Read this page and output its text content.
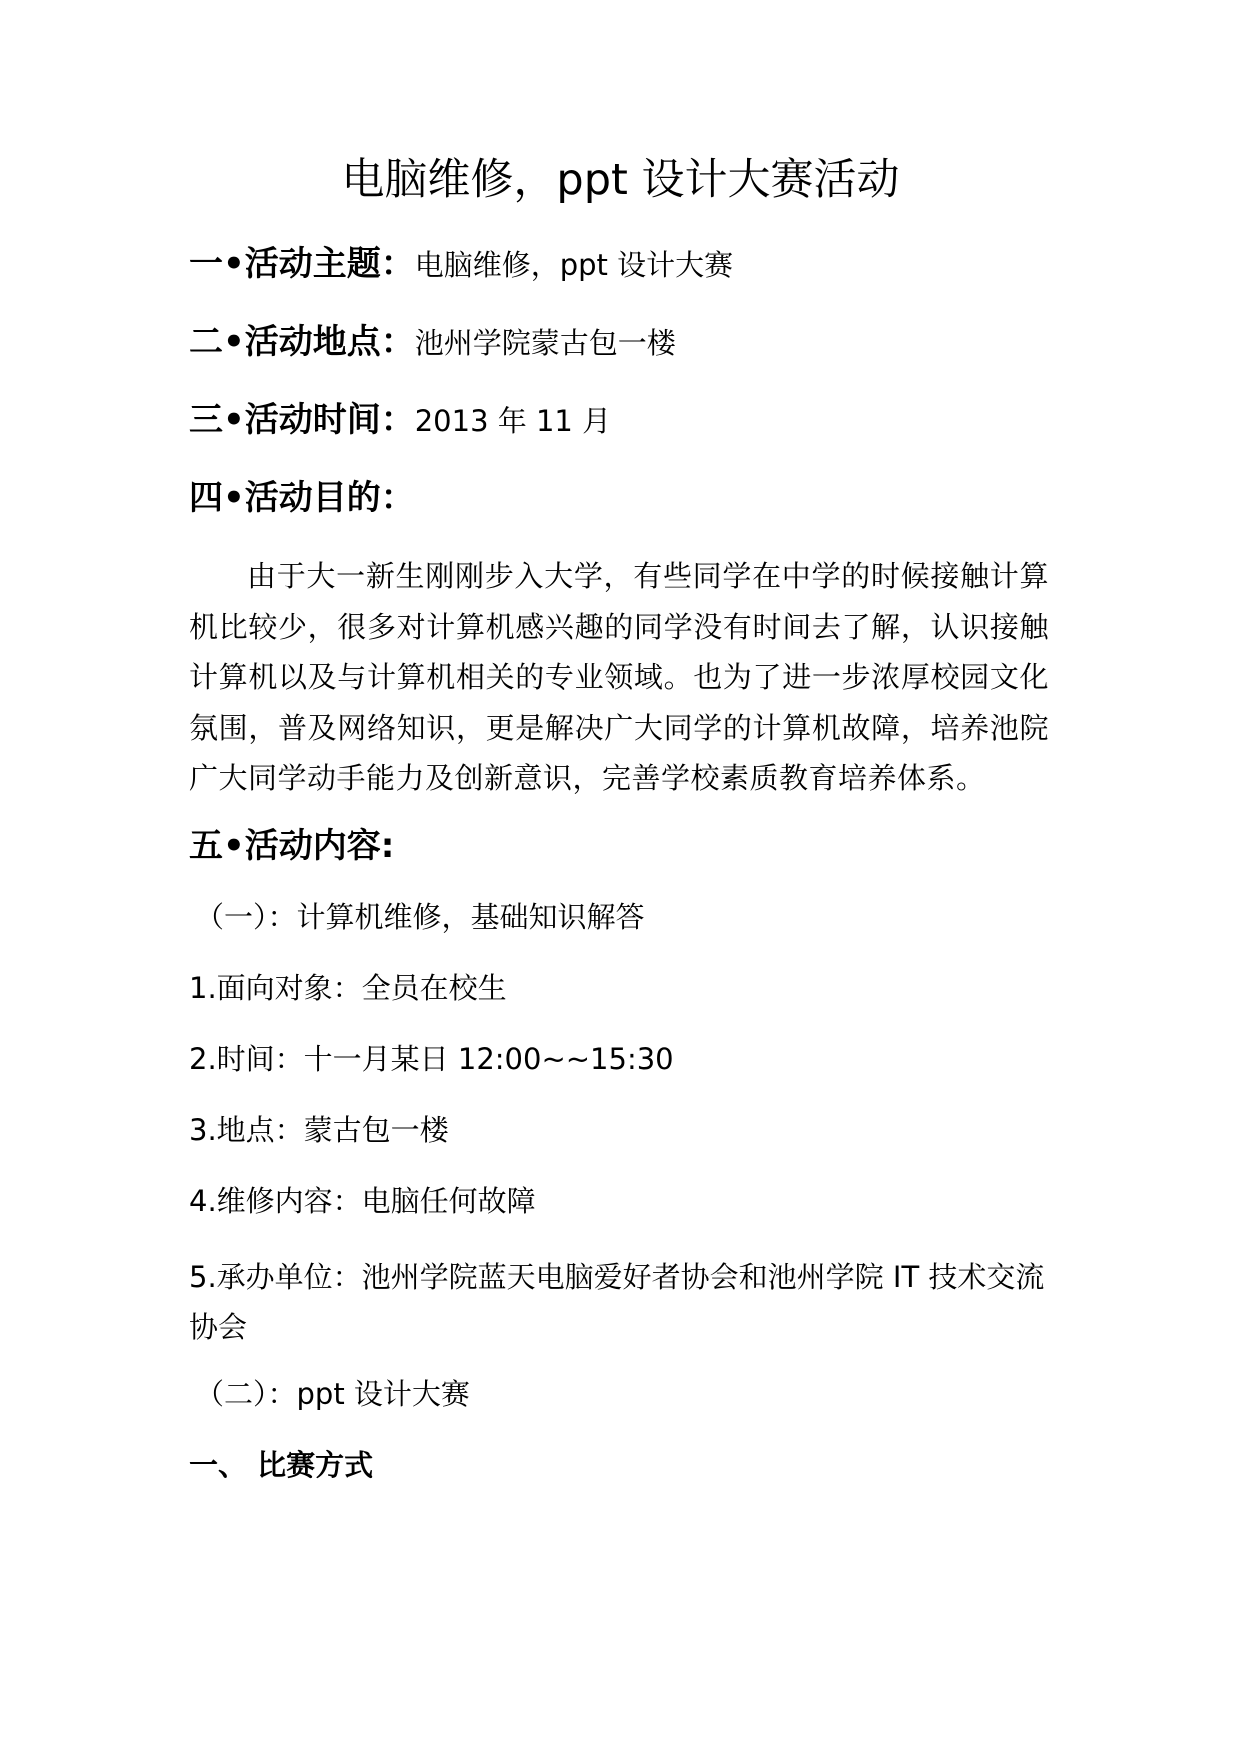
电脑维修，ppt 设计大赛活动
一•活动主题：电脑维修，ppt 设计大赛
二•活动地点：池州学院蒙古包一楼
三•活动时间：2013 年 11 月
四•活动目的：

由于大一新生刚刚步入大学，有些同学在中学的时候接触计算机比较少，很多对计算机感兴趣的同学没有时间去了解，认识接触计算机以及与计算机相关的专业领域。也为了进一步浓厚校园文化氛围，普及网络知识，更是解决广大同学的计算机故障，培养池院广大同学动手能力及创新意识，完善学校素质教育培养体系。

五•活动内容:
（一）：计算机维修，基础知识解答
1.面向对象：全员在校生
2.时间：十一月某日 12:00~~15:30
3.地点：蒙古包一楼
4.维修内容：电脑任何故障
5.承办单位：池州学院蓝天电脑爱好者协会和池州学院 IT 技术交流协会
（二）：ppt 设计大赛
一、 比赛方式
